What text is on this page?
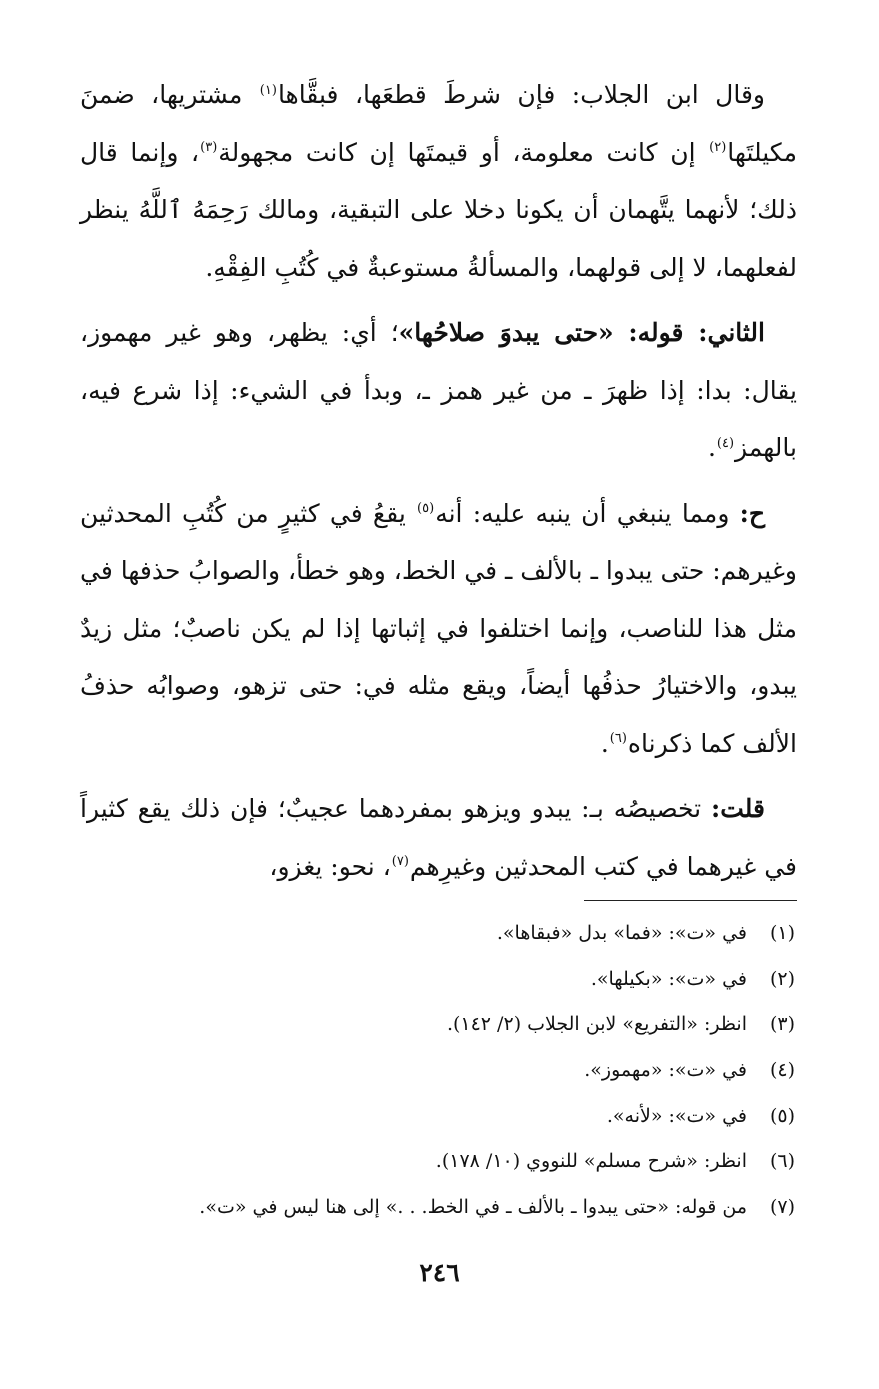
وقال ابن الجلاب: فإن شرطَ قطعَها، فبقَّاها$^{(١)}$ مشتريها، ضمنَ مكيلتَها$^{(٢)}$ إن كانت معلومة، أو قيمتَها إن كانت مجهولة$^{(٣)}$، وإنما قال ذلك؛ لأنهما يتَّهمان أن يكونا دخلا على التبقية، ومالك رَحِمَهُ ٱللَّهُ ينظر لفعلهما، لا إلى قولهما، والمسألةُ مستوعبةٌ في كُتُبِ الفِقْهِ.

الثاني: قوله: «حتى يبدوَ صلاحُها»؛ أي: يظهر، وهو غير مهموز، يقال: بدا: إذا ظهرَ ـ من غير همز ـ، وبدأ في الشيء: إذا شرع فيه، بالهمز$^{(٤)}$.

ح: ومما ينبغي أن ينبه عليه: أنه$^{(٥)}$ يقعُ في كثيرٍ من كُتُبِ المحدثين وغيرهم: حتى يبدوا ـ بالألف ـ في الخط، وهو خطأ، والصوابُ حذفها في مثل هذا للناصب، وإنما اختلفوا في إثباتها إذا لم يكن ناصبٌ؛ مثل زيدٌ يبدو، والاختيارُ حذفُها أيضاً، ويقع مثله في: حتى تزهو، وصوابُه حذفُ الألف كما ذكرناه$^{(٦)}$.

قلت: تخصيصُه بـ: يبدو ويزهو بمفردهما عجيبٌ؛ فإن ذلك يقع كثيراً في غيرهما في كتب المحدثين وغيرِهم$^{(٧)}$، نحو: يغزو،

(١)
في «ت»: «فما» بدل «فبقاها».
(٢)
في «ت»: «بكيلها».
(٣)
انظر: «التفريع» لابن الجلاب (٢/ ١٤٢).
(٤)
في «ت»: «مهموز».
(٥)
في «ت»: «لأنه».
(٦)
انظر: «شرح مسلم» للنووي (١٠/ ١٧٨).
(٧)
من قوله: «حتى يبدوا ـ بالألف ـ في الخط. . .» إلى هنا ليس في «ت».
٢٤٦
